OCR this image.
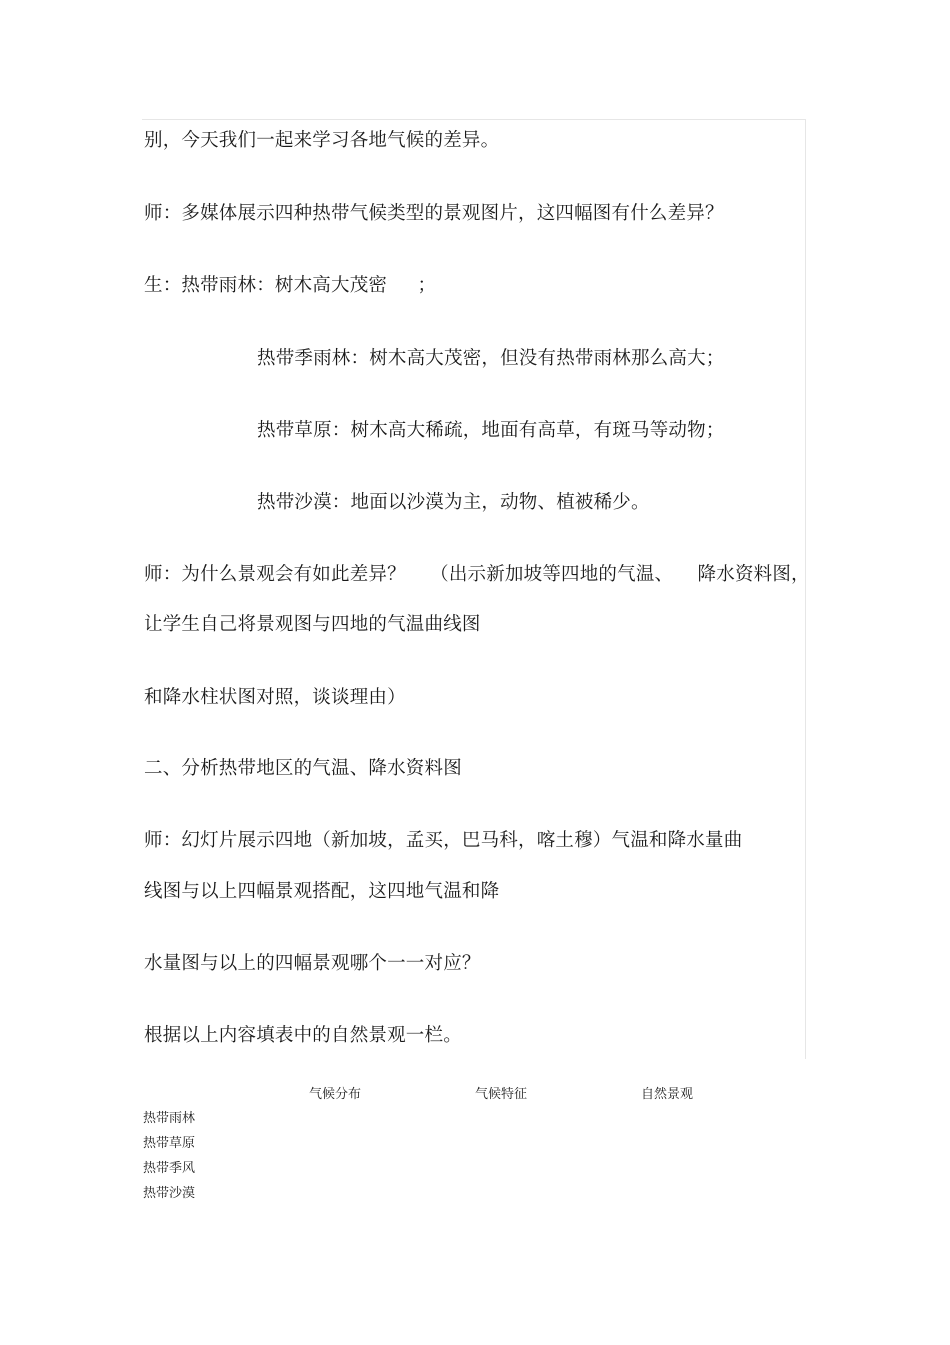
别，今天我们一起来学习各地气候的差异。
师：多媒体展示四种热带气候类型的景观图片，这四幅图有什么差异？
生：热带雨林：树木高大茂密     ；
热带季雨林：树木高大茂密，但没有热带雨林那么高大；
热带草原：树木高大稀疏，地面有高草，有斑马等动物；
热带沙漠：地面以沙漠为主，动物、植被稀少。
师：为什么景观会有如此差异？    （出示新加坡等四地的气温、    降水资料图，
让学生自己将景观图与四地的气温曲线图
和降水柱状图对照，谈谈理由）
二、分析热带地区的气温、降水资料图
师：幻灯片展示四地（新加坡，孟买，巴马科，喀土穆）气温和降水量曲
线图与以上四幅景观搭配，这四地气温和降
水量图与以上的四幅景观哪个一一对应？
根据以上内容填表中的自然景观一栏。
气候分布	气候特征	自然景观
热带雨林
热带草原
热带季风
热带沙漠
